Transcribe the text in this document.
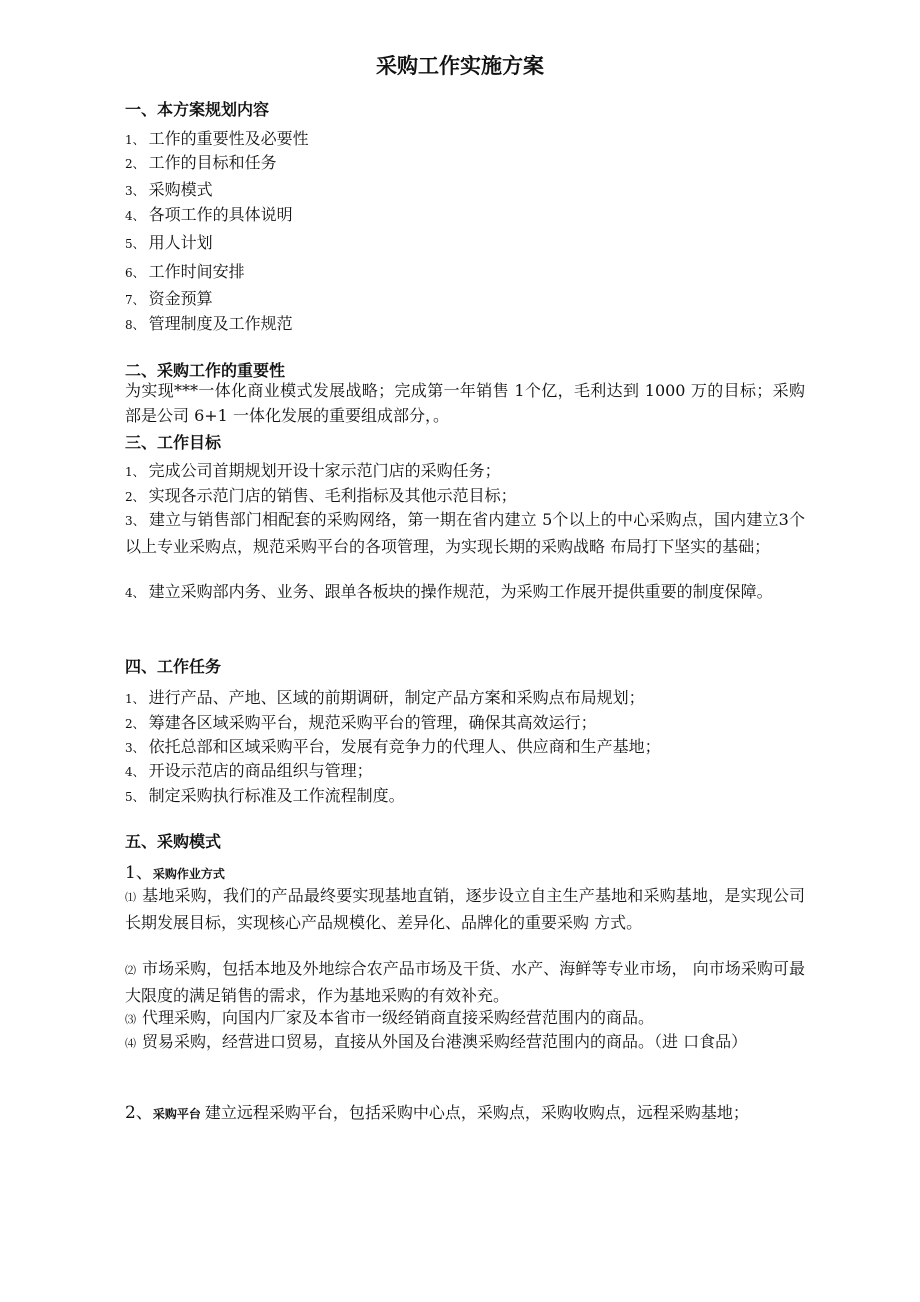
采购工作实施方案
一、本方案规划内容
1、 工作的重要性及必要性
2、 工作的目标和任务
3、 采购模式
4、 各项工作的具体说明
5、 用人计划
6、 工作时间安排
7、 资金预算
8、 管理制度及工作规范
二、采购工作的重要性
为实现***一体化商业模式发展战略；完成第一年销售 1个亿，毛利达到 1000 万的目标；采购部是公司 6+1 一体化发展的重要组成部分，。
三、工作目标
1、 完成公司首期规划开设十家示范门店的采购任务；
2、 实现各示范门店的销售、毛利指标及其他示范目标；
3、 建立与销售部门相配套的采购网络，第一期在省内建立 5个以上的中心采购点，国内建立3个以上专业采购点，规范采购平台的各项管理，为实现长期的采购战略 布局打下坚实的基础；
4、 建立采购部内务、业务、跟单各板块的操作规范，为采购工作展开提供重要的制度保障。
四、工作任务
1、 进行产品、产地、区域的前期调研，制定产品方案和采购点布局规划；
2、 筹建各区域采购平台，规范采购平台的管理，确保其高效运行；
3、 依托总部和区域采购平台，发展有竞争力的代理人、供应商和生产基地；
4、 开设示范店的商品组织与管理；
5、 制定采购执行标准及工作流程制度。
五、采购模式
1、采购作业方式
⑴ 基地采购，我们的产品最终要实现基地直销，逐步设立自主生产基地和采购基地，是实现公司长期发展目标，实现核心产品规模化、差异化、品牌化的重要采购 方式。
⑵ 市场采购，包括本地及外地综合农产品市场及干货、水产、海鲜等专业市场， 向市场采购可最大限度的满足销售的需求，作为基地采购的有效补充。
⑶ 代理采购，向国内厂家及本省市一级经销商直接采购经营范围内的商品。
⑷ 贸易采购，经营进口贸易，直接从外国及台港澳采购经营范围内的商品。（进 口食品）
2、采购平台 建立远程采购平台，包括采购中心点，采购点，采购收购点，远程采购基地；
